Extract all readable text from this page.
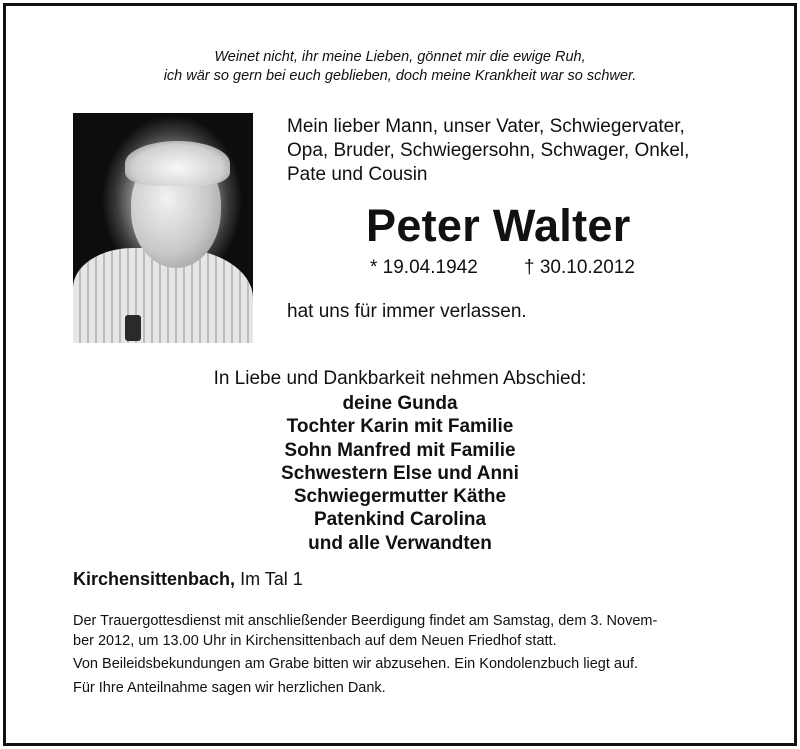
Weinet nicht, ihr meine Lieben, gönnet mir die ewige Ruh,
ich wär so gern bei euch geblieben, doch meine Krankheit war so schwer.
Mein lieber Mann, unser Vater, Schwiegervater,
Opa, Bruder, Schwiegersohn, Schwager, Onkel,
Pate und Cousin
Peter Walter
* 19.04.1942 † 30.10.2012
hat uns für immer verlassen.
In Liebe und Dankbarkeit nehmen Abschied:
deine Gunda
Tochter Karin mit Familie
Sohn Manfred mit Familie
Schwestern Else und Anni
Schwiegermutter Käthe
Patenkind Carolina
und alle Verwandten
Kirchensittenbach, Im Tal 1

Der Trauergottesdienst mit anschließender Beerdigung findet am Samstag, dem 3. Novem-
ber 2012, um 13.00 Uhr in Kirchensittenbach auf dem Neuen Friedhof statt.

Von Beileidsbekundungen am Grabe bitten wir abzusehen. Ein Kondolenzbuch liegt auf.

Für Ihre Anteilnahme sagen wir herzlichen Dank.
